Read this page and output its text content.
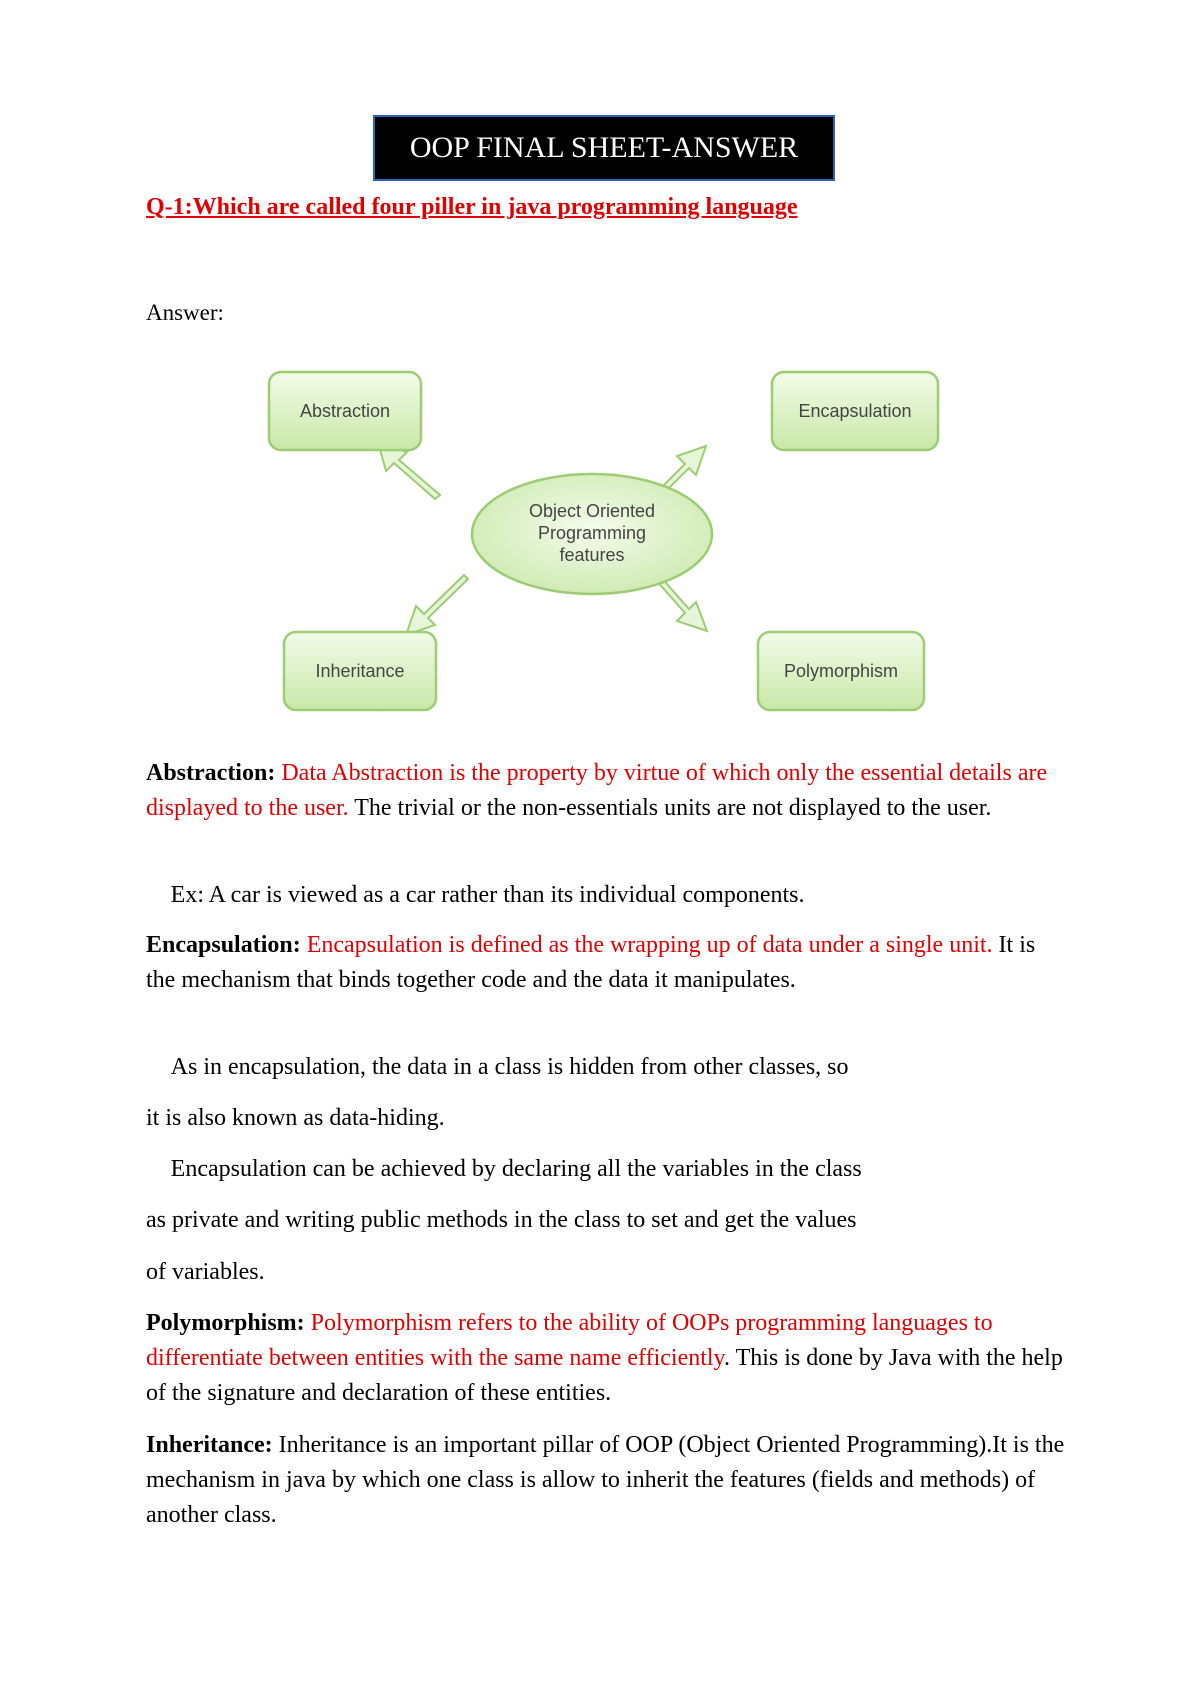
OOP FINAL SHEET-ANSWER
Q-1:Which are called four piller in java programming language
Answer:
Object Oriented
Programming
features
Abstraction	Encapsulation
Inheritance	Polymorphism

Abstraction: Data Abstraction is the property by virtue of which only the essential details are displayed to the user. The trivial or the non-essentials units are not displayed to the user.

Ex: A car is viewed as a car rather than its individual components.

Encapsulation: Encapsulation is defined as the wrapping up of data under a single unit. It is the mechanism that binds together code and the data it manipulates.

As in encapsulation, the data in a class is hidden from other classes, so

it is also known as data-hiding.

Encapsulation can be achieved by declaring all the variables in the class

as private and writing public methods in the class to set and get the values

of variables.

Polymorphism: Polymorphism refers to the ability of OOPs programming languages to differentiate between entities with the same name efficiently. This is done by Java with the help of the signature and declaration of these entities.

Inheritance: Inheritance is an important pillar of OOP (Object Oriented Programming).It is the mechanism in java by which one class is allow to inherit the features (fields and methods) of another class.
